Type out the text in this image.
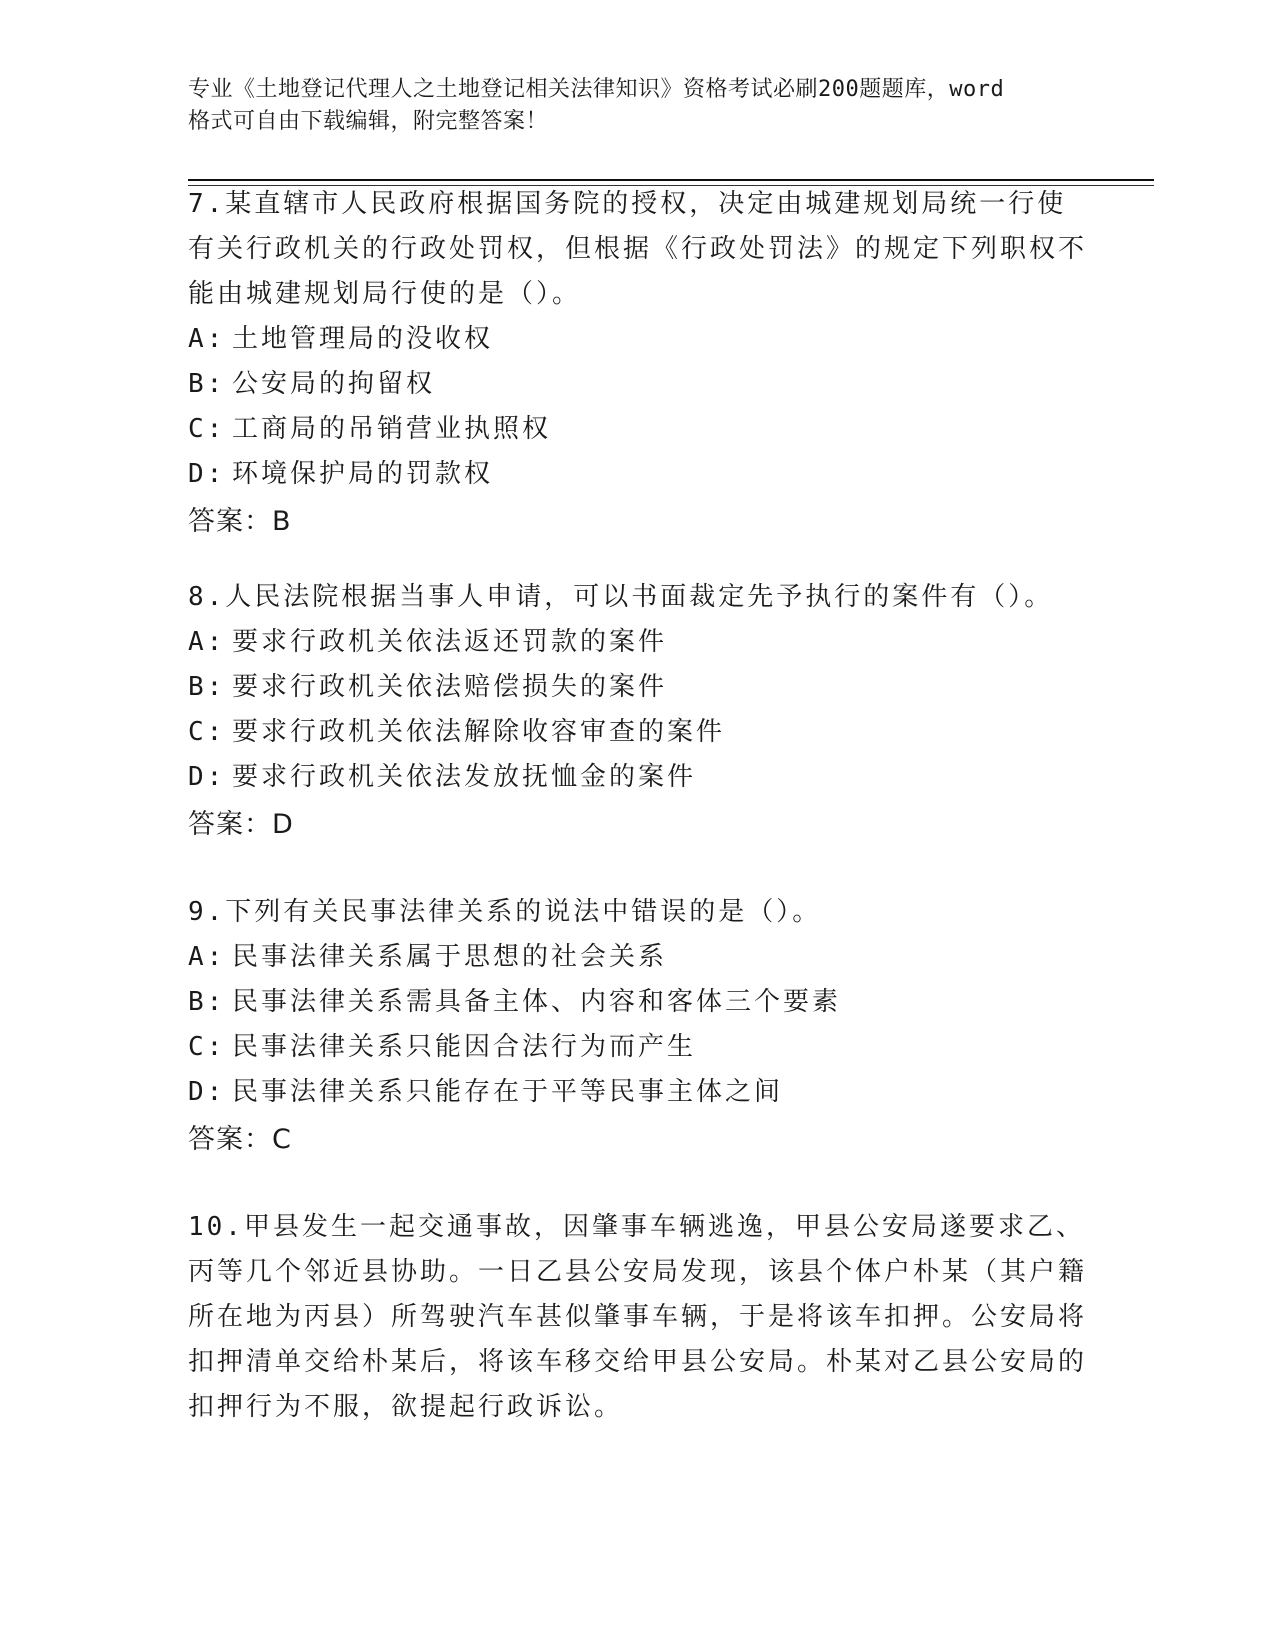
专业《土地登记代理人之土地登记相关法律知识》资格考试必刷200题题库，word
格式可自由下载编辑，附完整答案！

7.某直辖市人民政府根据国务院的授权，决定由城建规划局统一行使有关行政机关的行政处罚权，但根据《行政处罚法》的规定下列职权不能由城建规划局行使的是（）。

A: 土地管理局的没收权

B: 公安局的拘留权

C: 工商局的吊销营业执照权

D: 环境保护局的罚款权

答案：B

8.人民法院根据当事人申请，可以书面裁定先予执行的案件有（）。

A: 要求行政机关依法返还罚款的案件

B: 要求行政机关依法赔偿损失的案件

C: 要求行政机关依法解除收容审查的案件

D: 要求行政机关依法发放抚恤金的案件

答案：D

9.下列有关民事法律关系的说法中错误的是（）。

A: 民事法律关系属于思想的社会关系

B: 民事法律关系需具备主体、内容和客体三个要素

C: 民事法律关系只能因合法行为而产生

D: 民事法律关系只能存在于平等民事主体之间

答案：C

10.甲县发生一起交通事故，因肇事车辆逃逸，甲县公安局遂要求乙、丙等几个邻近县协助。一日乙县公安局发现，该县个体户朴某（其户籍所在地为丙县）所驾驶汽车甚似肇事车辆，于是将该车扣押。公安局将扣押清单交给朴某后，将该车移交给甲县公安局。朴某对乙县公安局的扣押行为不服，欲提起行政诉讼。
